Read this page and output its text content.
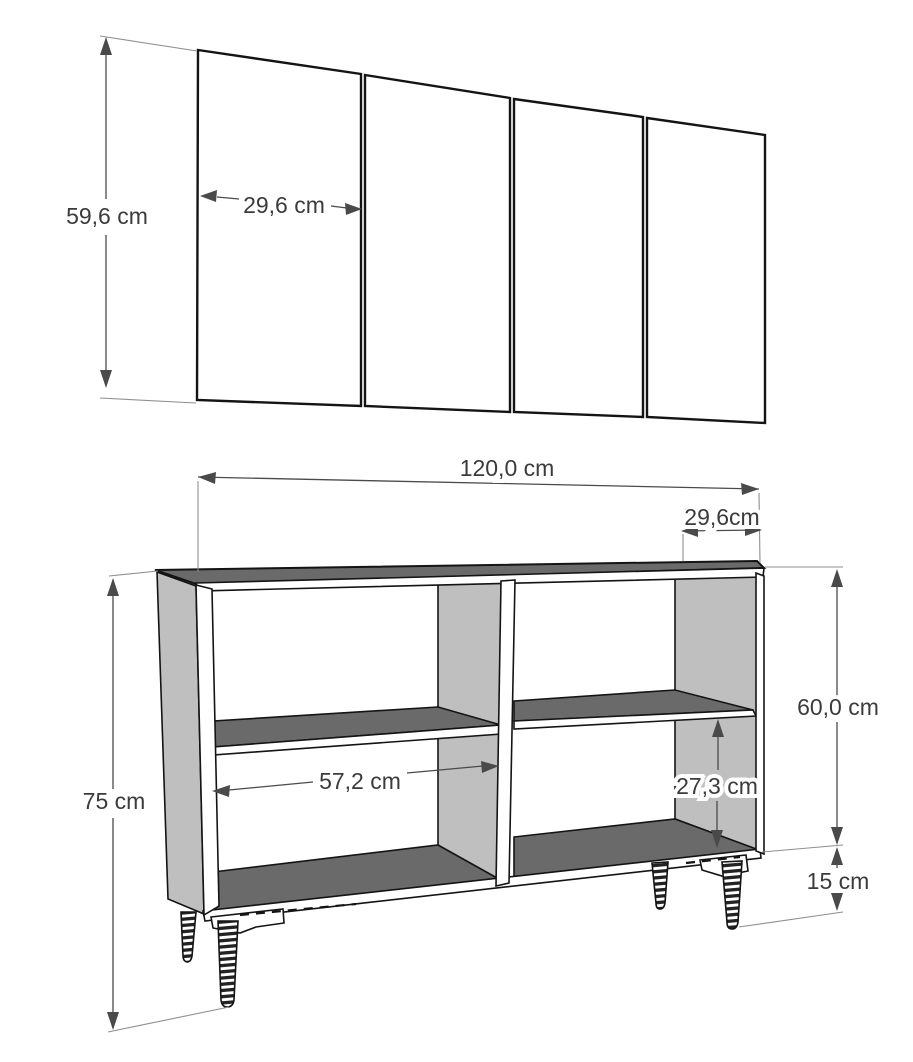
59,6 cm	29,6 cm
120,0 cm
29,6cm
60,0 cm
15 cm
75 cm
57,2 cm	27,3 cm
